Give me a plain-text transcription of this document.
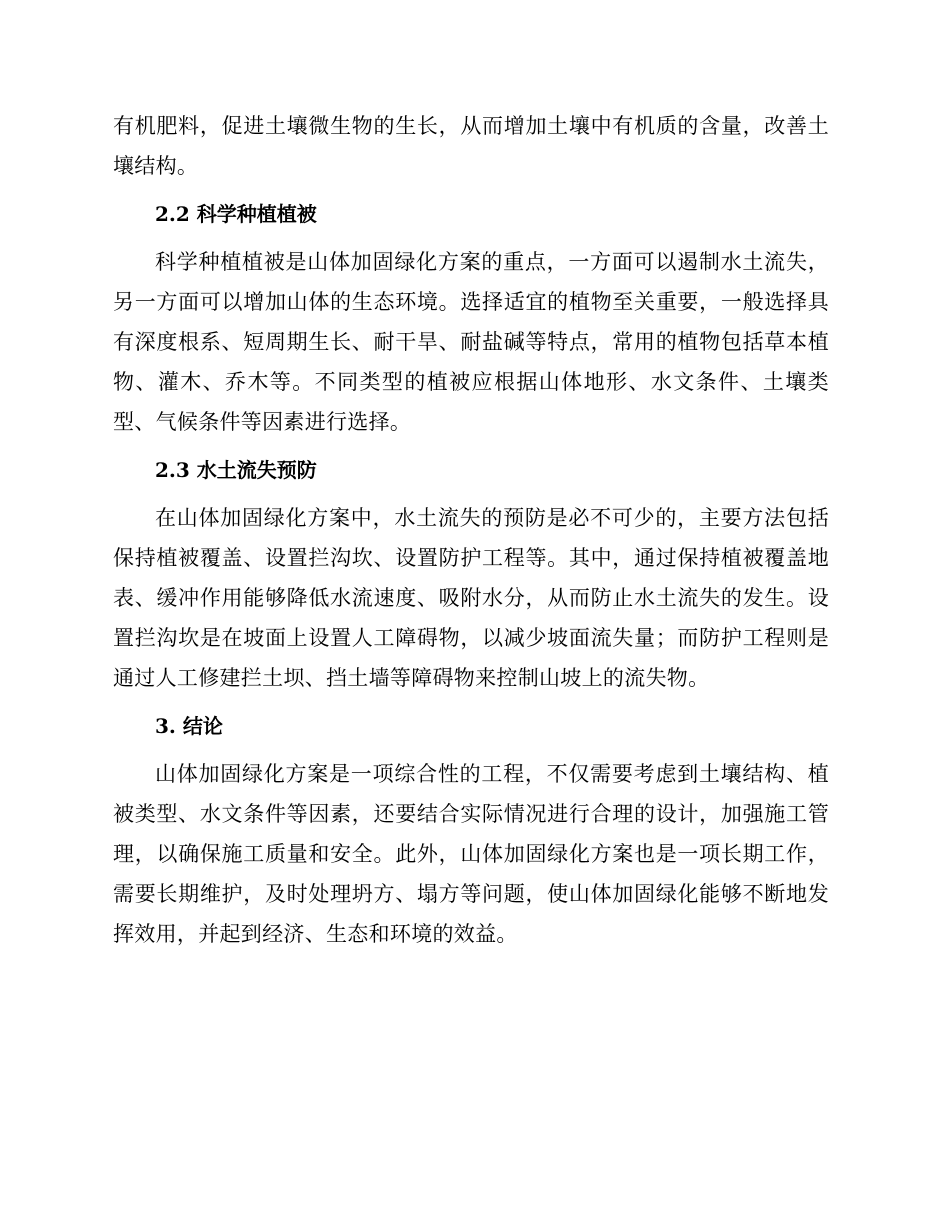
有机肥料，促进土壤微生物的生长，从而增加土壤中有机质的含量，改善土壤结构。

2.2 科学种植植被

科学种植植被是山体加固绿化方案的重点，一方面可以遏制水土流失，另一方面可以增加山体的生态环境。选择适宜的植物至关重要，一般选择具有深度根系、短周期生长、耐干旱、耐盐碱等特点，常用的植物包括草本植物、灌木、乔木等。不同类型的植被应根据山体地形、水文条件、土壤类型、气候条件等因素进行选择。

2.3 水土流失预防

在山体加固绿化方案中，水土流失的预防是必不可少的，主要方法包括保持植被覆盖、设置拦沟坎、设置防护工程等。其中，通过保持植被覆盖地表、缓冲作用能够降低水流速度、吸附水分，从而防止水土流失的发生。设置拦沟坎是在坡面上设置人工障碍物，以减少坡面流失量；而防护工程则是通过人工修建拦土坝、挡土墙等障碍物来控制山坡上的流失物。

3. 结论

山体加固绿化方案是一项综合性的工程，不仅需要考虑到土壤结构、植被类型、水文条件等因素，还要结合实际情况进行合理的设计，加强施工管理，以确保施工质量和安全。此外，山体加固绿化方案也是一项长期工作，需要长期维护，及时处理坍方、塌方等问题，使山体加固绿化能够不断地发挥效用，并起到经济、生态和环境的效益。
